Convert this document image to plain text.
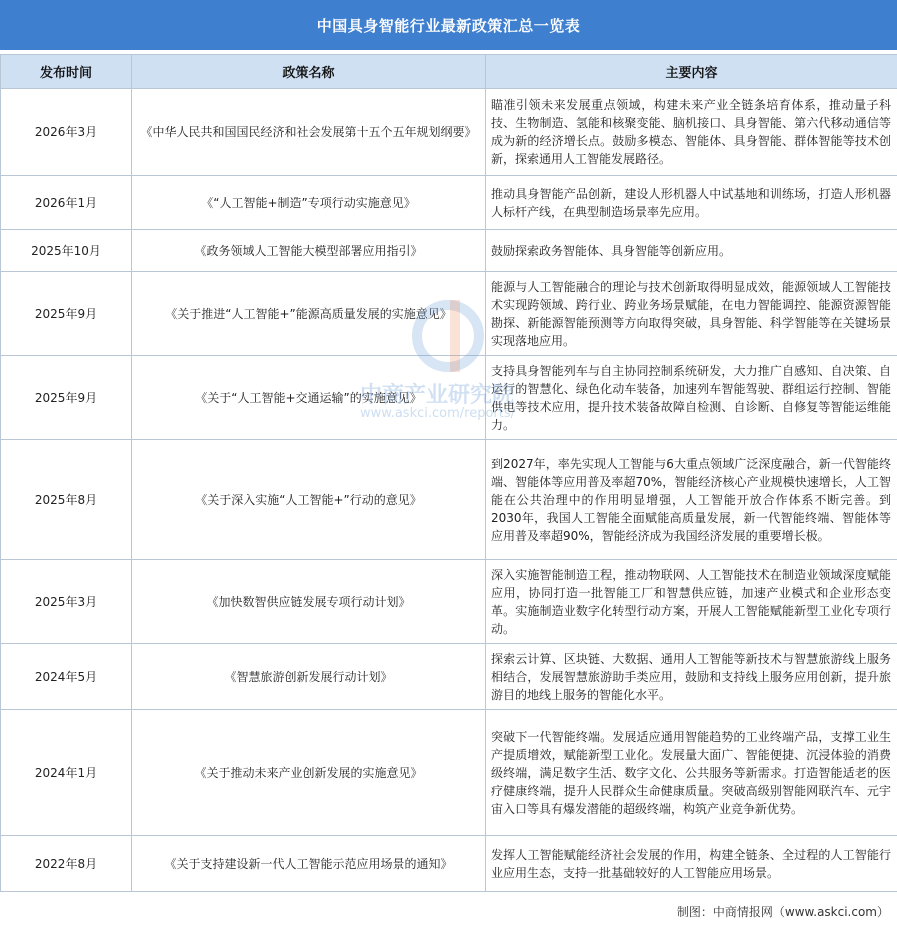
中国具身智能行业最新政策汇总一览表
发布时间	政策名称	主要内容
2026年3月	《中华人民共和国国民经济和社会发展第十五个五年规划纲要》	瞄准引领未来发展重点领域，构建未来产业全链条培育体系，推动量子科技、生物制造、氢能和核聚变能、脑机接口、具身智能、第六代移动通信等成为新的经济增长点。鼓励多模态、智能体、具身智能、群体智能等技术创新，探索通用人工智能发展路径。
2026年1月	《“人工智能+制造”专项行动实施意见》	推动具身智能产品创新，建设人形机器人中试基地和训练场，打造人形机器人标杆产线，在典型制造场景率先应用。
2025年10月	《政务领域人工智能大模型部署应用指引》	鼓励探索政务智能体、具身智能等创新应用。
2025年9月	《关于推进“人工智能+”能源高质量发展的实施意见》	能源与人工智能融合的理论与技术创新取得明显成效，能源领域人工智能技术实现跨领域、跨行业、跨业务场景赋能，在电力智能调控、能源资源智能勘探、新能源智能预测等方向取得突破，具身智能、科学智能等在关键场景实现落地应用。
2025年9月	《关于“人工智能+交通运输”的实施意见》	支持具身智能列车与自主协同控制系统研发，大力推广自感知、自决策、自运行的智慧化、绿色化动车装备，加速列车智能驾驶、群组运行控制、智能供电等技术应用，提升技术装备故障自检测、自诊断、自修复等智能运维能力。
2025年8月	《关于深入实施“人工智能+”行动的意见》	到2027年，率先实现人工智能与6大重点领域广泛深度融合，新一代智能终端、智能体等应用普及率超70%，智能经济核心产业规模快速增长，人工智能在公共治理中的作用明显增强，人工智能开放合作体系不断完善。到2030年，我国人工智能全面赋能高质量发展，新一代智能终端、智能体等应用普及率超90%，智能经济成为我国经济发展的重要增长极。
2025年3月	《加快数智供应链发展专项行动计划》	深入实施智能制造工程，推动物联网、人工智能技术在制造业领域深度赋能应用，协同打造一批智能工厂和智慧供应链，加速产业模式和企业形态变革。实施制造业数字化转型行动方案，开展人工智能赋能新型工业化专项行动。
2024年5月	《智慧旅游创新发展行动计划》	探索云计算、区块链、大数据、通用人工智能等新技术与智慧旅游线上服务相结合，发展智慧旅游助手类应用，鼓励和支持线上服务应用创新，提升旅游目的地线上服务的智能化水平。
2024年1月	《关于推动未来产业创新发展的实施意见》	突破下一代智能终端。发展适应通用智能趋势的工业终端产品，支撑工业生产提质增效，赋能新型工业化。发展量大面广、智能便捷、沉浸体验的消费级终端，满足数字生活、数字文化、公共服务等新需求。打造智能适老的医疗健康终端，提升人民群众生命健康质量。突破高级别智能网联汽车、元宇宙入口等具有爆发潜能的超级终端，构筑产业竞争新优势。
2022年8月	《关于支持建设新一代人工智能示范应用场景的通知》	发挥人工智能赋能经济社会发展的作用，构建全链条、全过程的人工智能行业应用生态，支持一批基础较好的人工智能应用场景。
中商产业研究院
www.askci.com/reports/
制图：中商情报网（www.askci.com）
